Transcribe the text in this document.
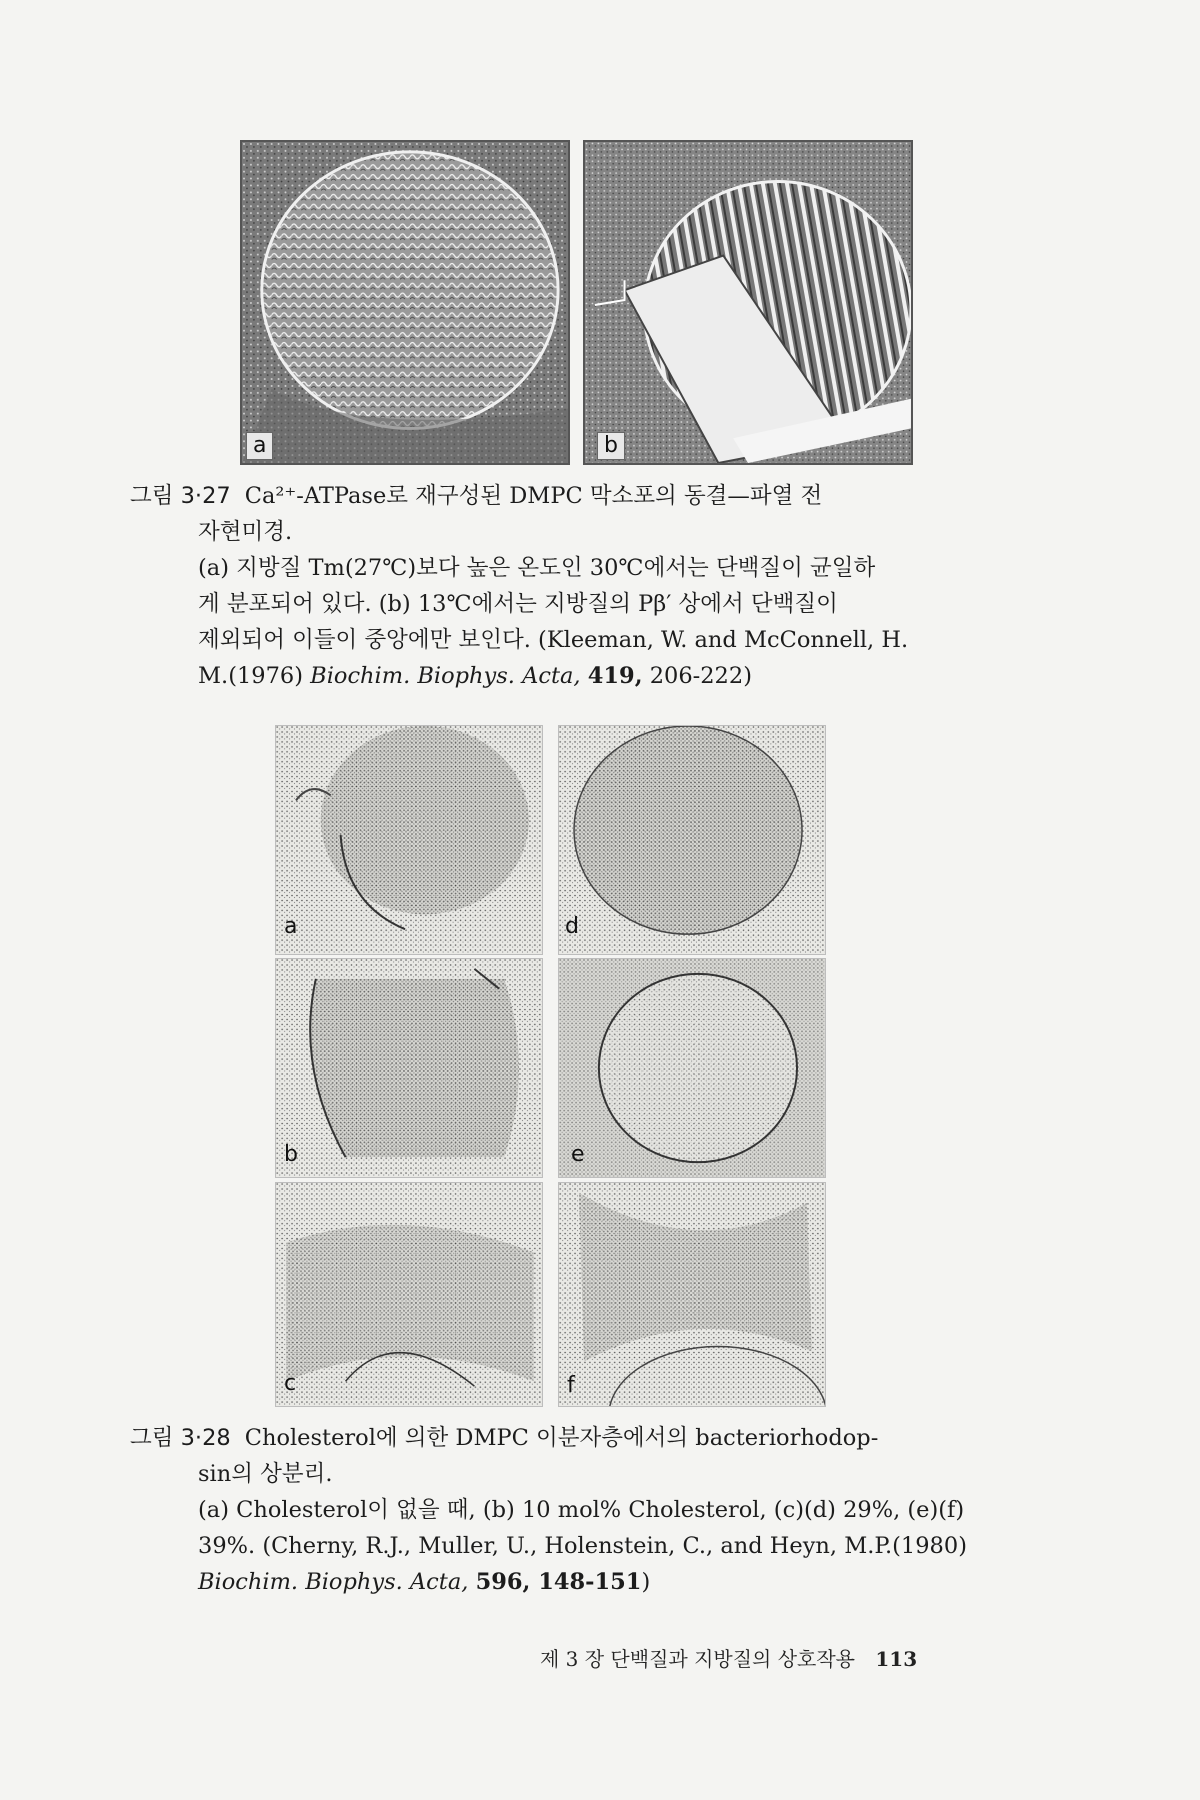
a	b
그림 3·27 Ca²⁺-ATPase로 재구성된 DMPC 막소포의 동결—파열 전
자현미경.
(a) 지방질 Tm(27℃)보다 높은 온도인 30℃에서는 단백질이 균일하
게 분포되어 있다. (b) 13℃에서는 지방질의 Pβ′ 상에서 단백질이
제외되어 이들이 중앙에만 보인다. (Kleeman, W. and McConnell, H.
M.(1976) Biochim. Biophys. Acta, 419, 206-222)
a	d
b	e
c	f
그림 3·28 Cholesterol에 의한 DMPC 이분자층에서의 bacteriorhodop-
sin의 상분리.
(a) Cholesterol이 없을 때, (b) 10 mol% Cholesterol, (c)(d) 29%, (e)(f)
39%. (Cherny, R.J., Muller, U., Holenstein, C., and Heyn, M.P.(1980)
Biochim. Biophys. Acta, 596, 148-151)
제 3 장 단백질과 지방질의 상호작용 113
